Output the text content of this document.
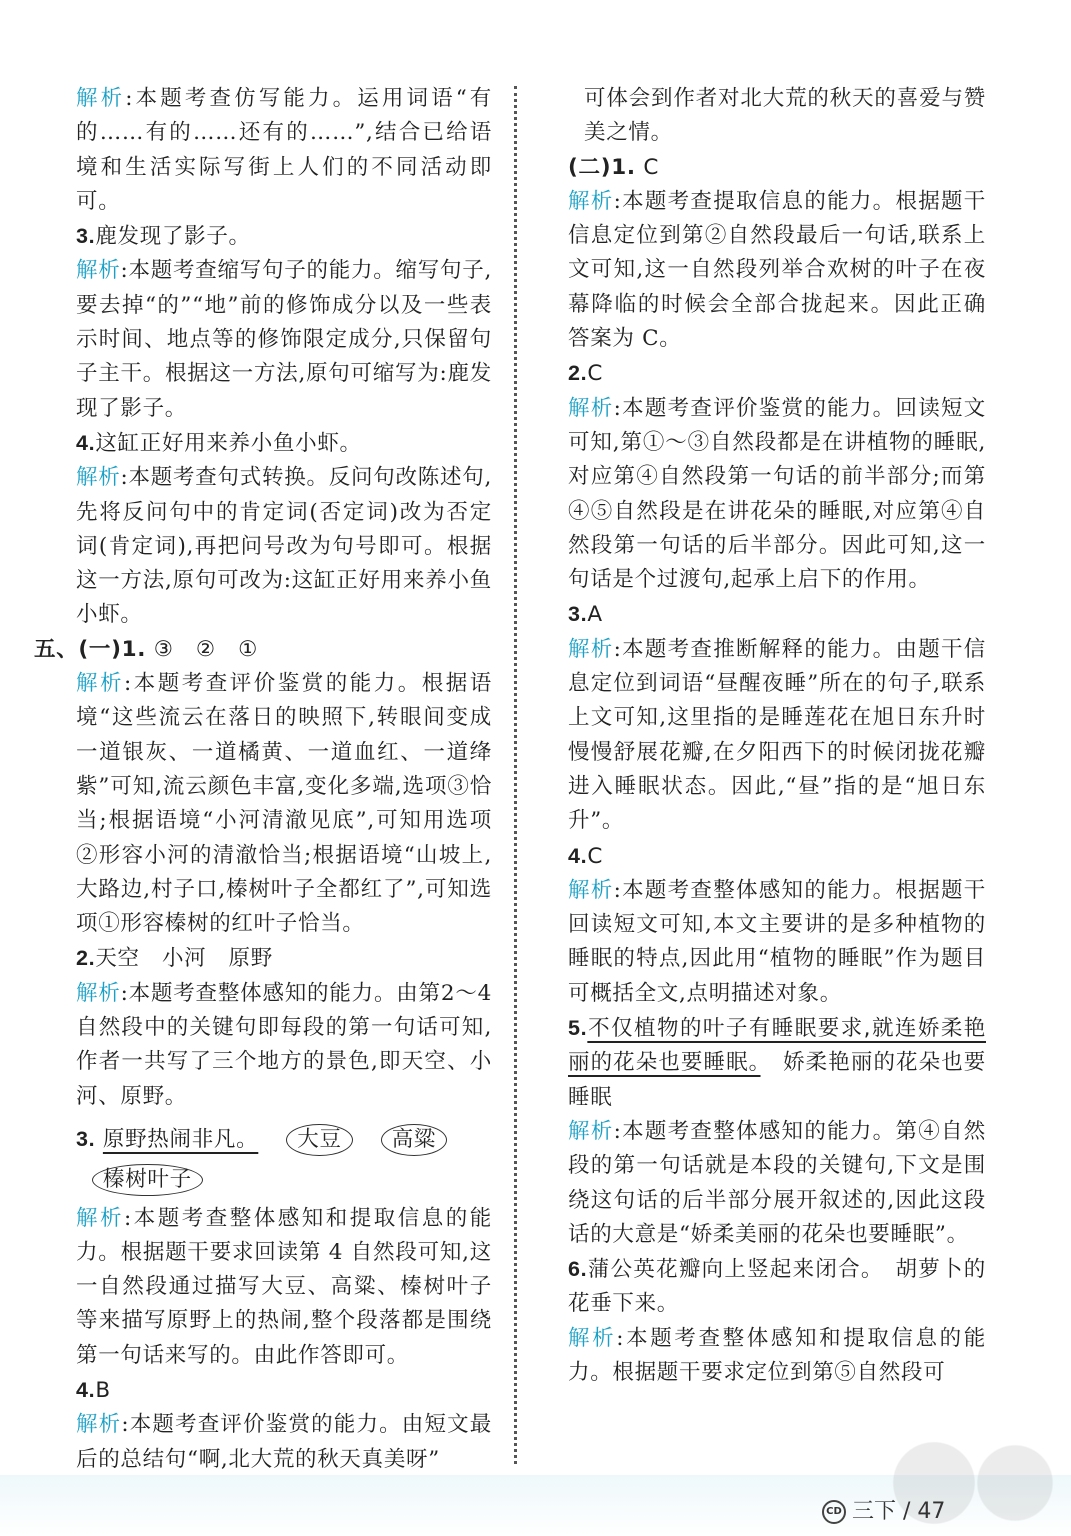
解析:本题考查仿写能力。运用词语“有的……有的……还有的……”,结合已给语境和生活实际写街上人们的不同活动即可。

3.鹿发现了影子。

解析:本题考查缩写句子的能力。缩写句子,要去掉“的”“地”前的修饰成分以及一些表示时间、地点等的修饰限定成分,只保留句子主干。根据这一方法,原句可缩写为:鹿发现了影子。

4.这缸正好用来养小鱼小虾。

解析:本题考查句式转换。反问句改陈述句,先将反问句中的肯定词(否定词)改为否定词(肯定词),再把问号改为句号即可。根据这一方法,原句可改为:这缸正好用来养小鱼小虾。

五、(一)1. ③　②　①

解析:本题考查评价鉴赏的能力。根据语境“这些流云在落日的映照下,转眼间变成一道银灰、一道橘黄、一道血红、一道绛紫”可知,流云颜色丰富,变化多端,选项③恰当;根据语境“小河清澈见底”,可知用选项②形容小河的清澈恰当;根据语境“山坡上,大路边,村子口,榛树叶子全都红了”,可知选项①形容榛树的红叶子恰当。

2.天空　小河　原野

解析:本题考查整体感知的能力。由第2～4自然段中的关键句即每段的第一句话可知,作者一共写了三个地方的景色,即天空、小河、原野。

3. 原野热闹非凡。 大豆 高粱

榛树叶子

解析:本题考查整体感知和提取信息的能力。根据题干要求回读第 4 自然段可知,这一自然段通过描写大豆、高粱、榛树叶子等来描写原野上的热闹,整个段落都是围绕第一句话来写的。由此作答即可。

4.B

解析:本题考查评价鉴赏的能力。由短文最后的总结句“啊,北大荒的秋天真美呀”

可体会到作者对北大荒的秋天的喜爱与赞美之情。

(二)1. C

解析:本题考查提取信息的能力。根据题干信息定位到第②自然段最后一句话,联系上文可知,这一自然段列举合欢树的叶子在夜幕降临的时候会全部合拢起来。因此正确答案为 C。

2.C

解析:本题考查评价鉴赏的能力。回读短文可知,第①～③自然段都是在讲植物的睡眠,对应第④自然段第一句话的前半部分;而第④⑤自然段是在讲花朵的睡眠,对应第④自然段第一句话的后半部分。因此可知,这一句话是个过渡句,起承上启下的作用。

3.A

解析:本题考查推断解释的能力。由题干信息定位到词语“昼醒夜睡”所在的句子,联系上文可知,这里指的是睡莲花在旭日东升时慢慢舒展花瓣,在夕阳西下的时候闭拢花瓣进入睡眠状态。因此,“昼”指的是“旭日东升”。

4.C

解析:本题考查整体感知的能力。根据题干回读短文可知,本文主要讲的是多种植物的睡眠的特点,因此用“植物的睡眠”作为题目可概括全文,点明描述对象。

5.不仅植物的叶子有睡眠要求,就连娇柔艳丽的花朵也要睡眠。　娇柔艳丽的花朵也要睡眠

解析:本题考查整体感知的能力。第④自然段的第一句话就是本段的关键句,下文是围绕这句话的后半部分展开叙述的,因此这段话的大意是“娇柔美丽的花朵也要睡眠”。

6.蒲公英花瓣向上竖起来闭合。　胡萝卜的花垂下来。

解析:本题考查整体感知和提取信息的能力。根据题干要求定位到第⑤自然段可

CD 三下 / 47
